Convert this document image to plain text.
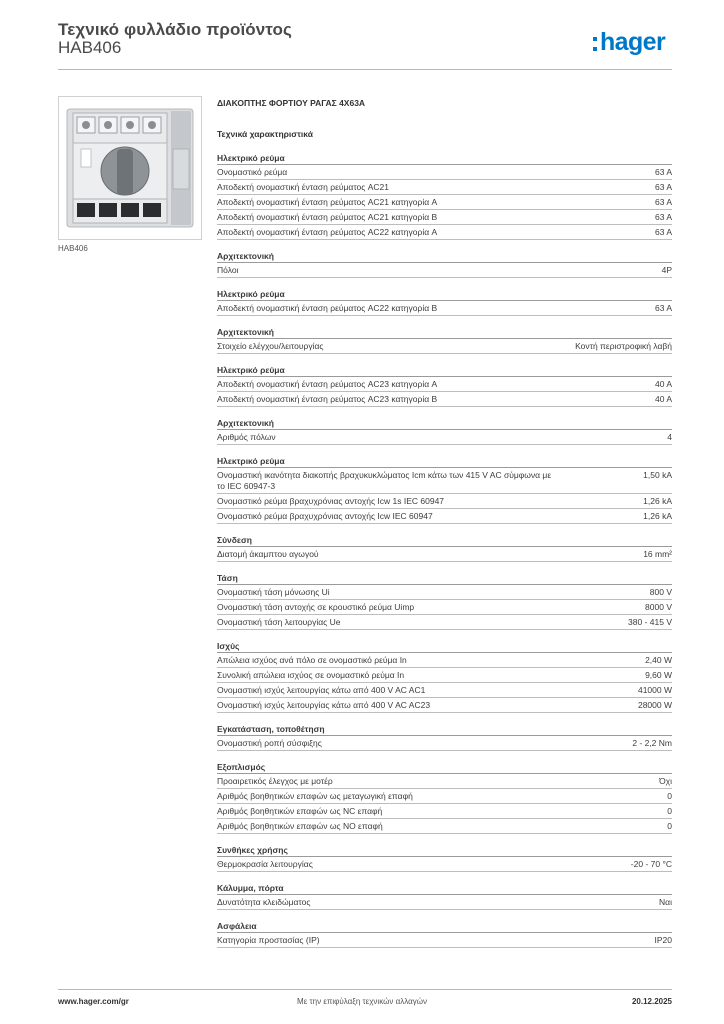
Τεχνικό φυλλάδιο προϊόντος
HAB406	hager
HAB406
ΔΙΑΚΟΠΤΗΣ ΦΟΡΤΙΟΥ ΡΑΓΑΣ 4X63A
Τεχνικά χαρακτηριστικά
Ηλεκτρικό ρεύμα
Ονομαστικό ρεύμα	63 A
Αποδεκτή ονομαστική ένταση ρεύματος AC21	63 A
Αποδεκτή ονομαστική ένταση ρεύματος AC21 κατηγορία A	63 A
Αποδεκτή ονομαστική ένταση ρεύματος AC21 κατηγορία B	63 A
Αποδεκτή ονομαστική ένταση ρεύματος AC22 κατηγορία A	63 A
Αρχιτεκτονική
Πόλοι	4P
Ηλεκτρικό ρεύμα
Αποδεκτή ονομαστική ένταση ρεύματος AC22 κατηγορία B	63 A
Αρχιτεκτονική
Στοιχείο ελέγχου/λειτουργίας	Κοντή περιστροφική λαβή
Ηλεκτρικό ρεύμα
Αποδεκτή ονομαστική ένταση ρεύματος AC23 κατηγορία A	40 A
Αποδεκτή ονομαστική ένταση ρεύματος AC23 κατηγορία B	40 A
Αρχιτεκτονική
Αριθμός πόλων	4
Ηλεκτρικό ρεύμα
Ονομαστική ικανότητα διακοπής βραχυκυκλώματος Icm κάτω των 415 V AC σύμφωνα με το IEC 60947-3
1,50 kA
Ονομαστικό ρεύμα βραχυχρόνιας αντοχής Icw 1s IEC 60947	1,26 kA
Ονομαστικό ρεύμα βραχυχρόνιας αντοχής Icw IEC 60947	1,26 kA
Σύνδεση
Διατομή άκαμπτου αγωγού	16 mm²
Τάση
Ονομαστική τάση μόνωσης Ui	800 V
Ονομαστική τάση αντοχής σε κρουστικό ρεύμα Uimp	8000 V
Ονομαστική τάση λειτουργίας Ue	380 - 415 V
Ισχύς
Απώλεια ισχύος ανά πόλο σε ονομαστικό ρεύμα In	2,40 W
Συνολική απώλεια ισχύος σε ονομαστικό ρεύμα In	9,60 W
Ονομαστική ισχύς λειτουργίας κάτω από 400 V AC AC1	41000 W
Ονομαστική ισχύς λειτουργίας κάτω από 400 V AC AC23	28000 W
Εγκατάσταση, τοποθέτηση
Ονομαστική ροπή σύσφιξης	2 - 2,2 Nm
Εξοπλισμός
Προαιρετικός έλεγχος με μοτέρ	Όχι
Αριθμός βοηθητικών επαφών ως μεταγωγική επαφή	0
Αριθμός βοηθητικών επαφών ως NC επαφή	0
Αριθμός βοηθητικών επαφών ως NO επαφή	0
Συνθήκες χρήσης
Θερμοκρασία λειτουργίας	-20 - 70 °C
Κάλυμμα, πόρτα
Δυνατότητα κλειδώματος	Ναι
Ασφάλεια
Κατηγορία προστασίας (IP)	IP20
Με την επιφύλαξη τεχνικών αλλαγών
www.hager.com/gr	20.12.2025
